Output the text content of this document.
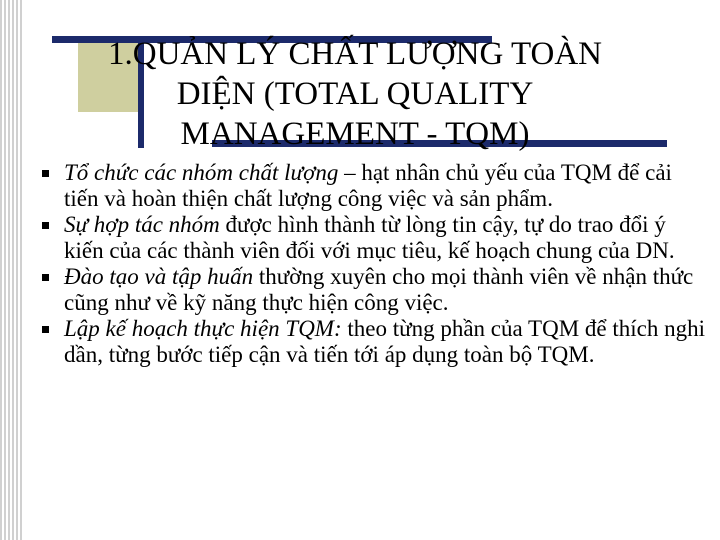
1.QUẢN LÝ CHẤT LƯỢNG TOÀN DIỆN (TOTAL QUALITY MANAGEMENT - TQM)
Tổ chức các nhóm chất lượng – hạt nhân chủ yếu của TQM để cải tiến và hoàn thiện chất lượng công việc và sản phẩm.
Sự hợp tác nhóm được hình thành từ lòng tin cậy, tự do trao đổi ý kiến của các thành viên đối với mục tiêu, kế hoạch chung của DN.
Đào tạo và tập huấn thường xuyên cho mọi thành viên về nhận thức cũng như về kỹ năng thực hiện công việc.
Lập kế hoạch thực hiện TQM: theo từng phần của TQM để thích nghi dần, từng bước tiếp cận và tiến tới áp dụng toàn bộ TQM.
